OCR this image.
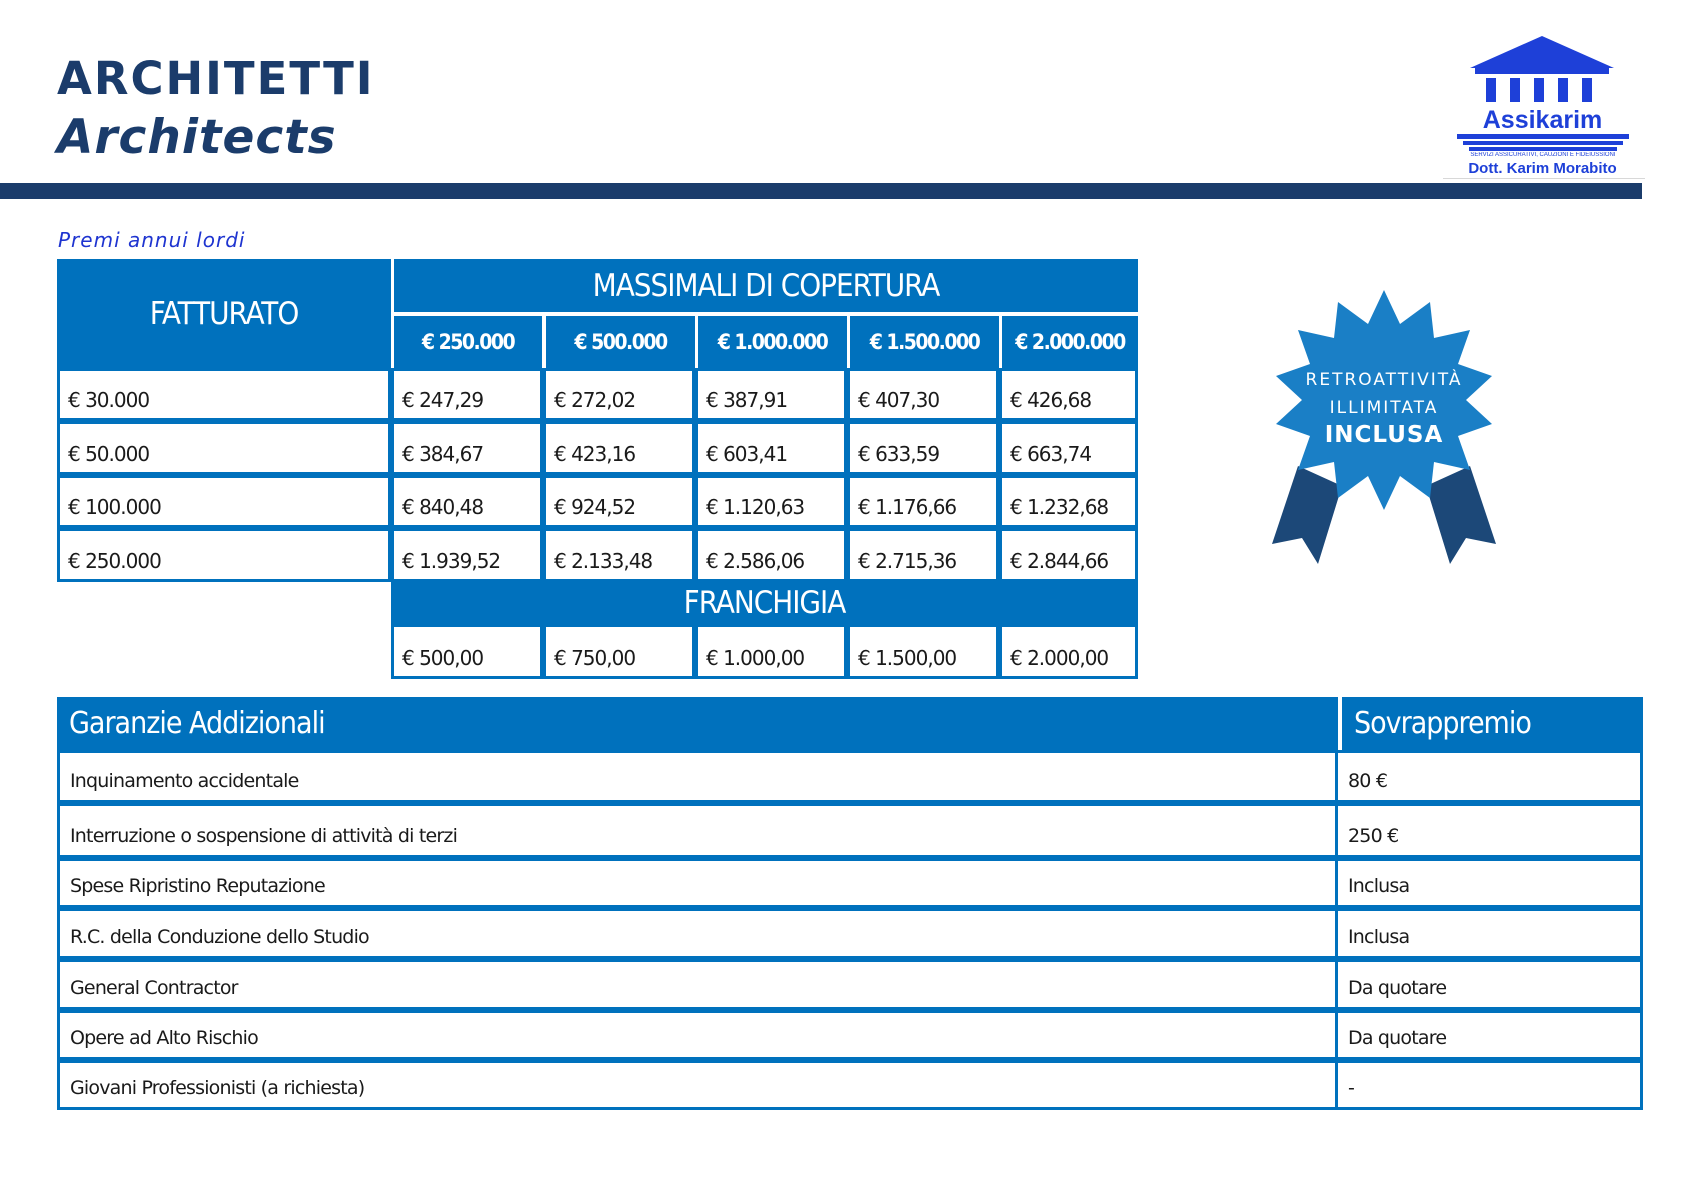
ARCHITETTI
Architects	Assikarim
SERVIZI ASSICURATIVI, CAUZIONI E FIDEIUSSIONI
Dott. Karim Morabito

Premi annui lordi

FATTURATO
MASSIMALI DI COPERTURA
€ 250.000	€ 500.000	€ 1.000.000	€ 1.500.000	€ 2.000.000
€ 30.000	€ 247,29	€ 272,02	€ 387,91	€ 407,30	€ 426,68
€ 50.000	€ 384,67	€ 423,16	€ 603,41	€ 633,59	€ 663,74
€ 100.000	€ 840,48	€ 924,52	€ 1.120,63	€ 1.176,66	€ 1.232,68
€ 250.000	€ 1.939,52	€ 2.133,48	€ 2.586,06	€ 2.715,36	€ 2.844,66
FRANCHIGIA
€ 500,00	€ 750,00	€ 1.000,00	€ 1.500,00	€ 2.000,00
RETROATTIVITÀ
ILLIMITATA
INCLUSA
Garanzie Addizionali	Sovrappremio
Inquinamento accidentale	80 €
Interruzione o sospensione di attività di terzi	250 €
Spese Ripristino Reputazione	Inclusa
R.C. della Conduzione dello Studio	Inclusa
General Contractor	Da quotare
Opere ad Alto Rischio	Da quotare
Giovani Professionisti (a richiesta)	-
